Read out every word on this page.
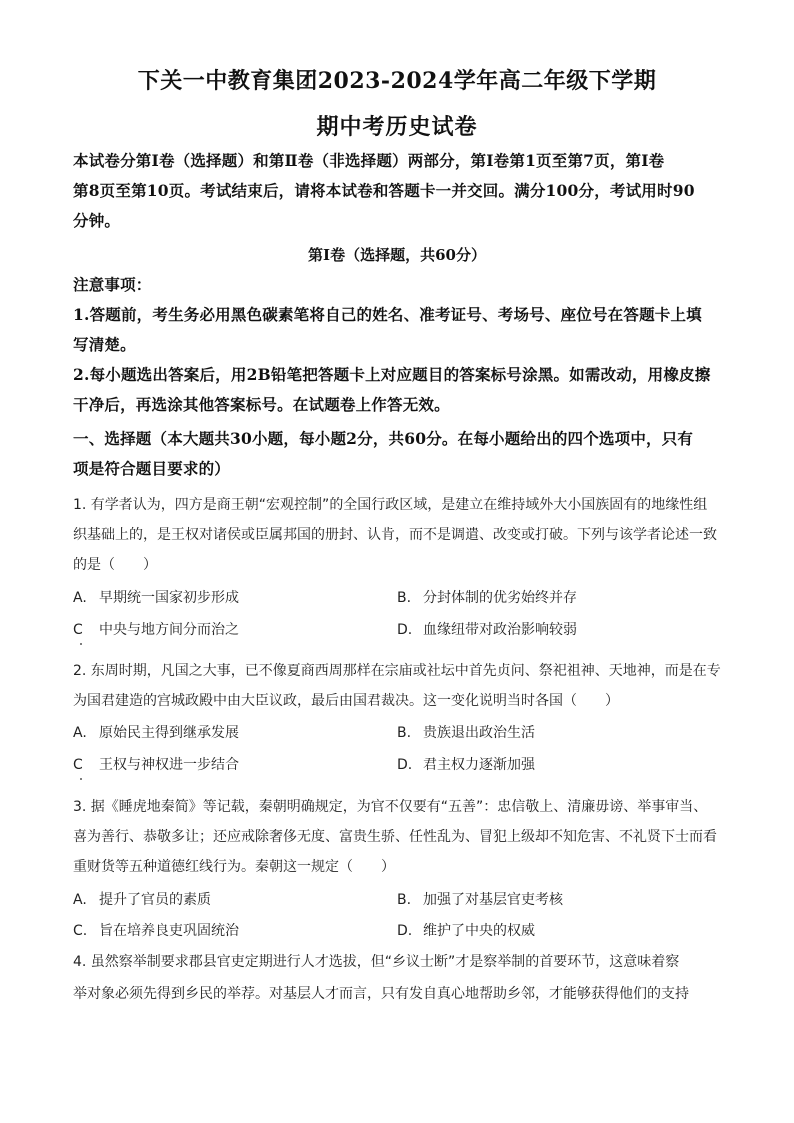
下关一中教育集团2023-2024学年高二年级下学期
期中考历史试卷
本试卷分第Ⅰ卷（选择题）和第Ⅱ卷（非选择题）两部分，第Ⅰ卷第1页至第7页，第Ⅰ卷
第8页至第10页。考试结束后，请将本试卷和答题卡一并交回。满分100分，考试用时90
分钟。
第Ⅰ卷（选择题，共60分）
注意事项：
1.答题前，考生务必用黑色碳素笔将自己的姓名、准考证号、考场号、座位号在答题卡上填
写清楚。
2.每小题选出答案后，用2B铅笔把答题卡上对应题目的答案标号涂黑。如需改动，用橡皮擦
干净后，再选涂其他答案标号。在试题卷上作答无效。
一、选择题（本大题共30小题，每小题2分，共60分。在每小题给出的四个选项中，只有
项是符合题目要求的）
1. 有学者认为，四方是商王朝“宏观控制”的全国行政区域，是建立在维持域外大小国族固有的地缘性组
织基础上的，是王权对诸侯或臣属邦国的册封、认肯，而不是调遣、改变或打破。下列与该学者论述一致
的是（　　）
A. 早期统一国家初步形成	B. 分封体制的优劣始终并存
C 中央与地方间分而治之	D. 血缘纽带对政治影响较弱
2. 东周时期，凡国之大事，已不像夏商西周那样在宗庙或社坛中首先贞问、祭祀祖神、天地神，而是在专
为国君建造的宫城政殿中由大臣议政，最后由国君裁决。这一变化说明当时各国（　　）
A. 原始民主得到继承发展	B. 贵族退出政治生活
C 王权与神权进一步结合	D. 君主权力逐渐加强
3. 据《睡虎地秦简》等记载，秦朝明确规定，为官不仅要有“五善”：忠信敬上、清廉毋谤、举事审当、
喜为善行、恭敬多让；还应戒除奢侈无度、富贵生骄、任性乱为、冒犯上级却不知危害、不礼贤下士而看
重财货等五种道德红线行为。秦朝这一规定（　　）
A. 提升了官员的素质	B. 加强了对基层官吏考核
C. 旨在培养良吏巩固统治	D. 维护了中央的权威
4. 虽然察举制要求郡县官吏定期进行人才选拔，但“乡议士断”才是察举制的首要环节，这意味着察
举对象必须先得到乡民的举荐。对基层人才而言，只有发自真心地帮助乡邻，才能够获得他们的支持
